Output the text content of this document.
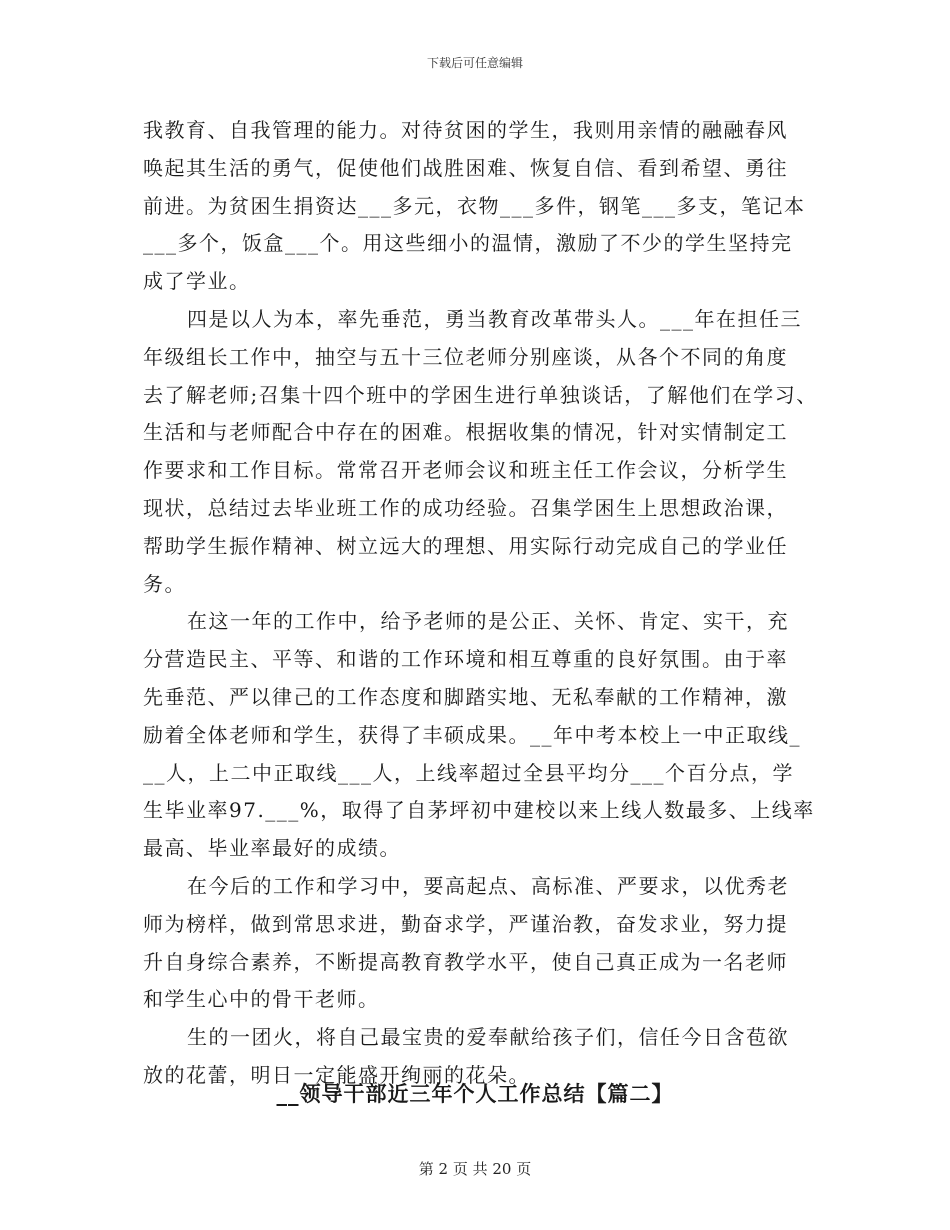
下载后可任意编辑
我教育、自我管理的能力。对待贫困的学生，我则用亲情的融融春风
唤起其生活的勇气，促使他们战胜困难、恢复自信、看到希望、勇往
前进。为贫困生捐资达___多元，衣物___多件，钢笔___多支，笔记本
___多个，饭盒___个。用这些细小的温情，激励了不少的学生坚持完
成了学业。
四是以人为本，率先垂范，勇当教育改革带头人。___年在担任三
年级组长工作中，抽空与五十三位老师分别座谈，从各个不同的角度
去了解老师;召集十四个班中的学困生进行单独谈话，了解他们在学习、
生活和与老师配合中存在的困难。根据收集的情况，针对实情制定工
作要求和工作目标。常常召开老师会议和班主任工作会议，分析学生
现状，总结过去毕业班工作的成功经验。召集学困生上思想政治课，
帮助学生振作精神、树立远大的理想、用实际行动完成自己的学业任
务。
在这一年的工作中，给予老师的是公正、关怀、肯定、实干，充
分营造民主、平等、和谐的工作环境和相互尊重的良好氛围。由于率
先垂范、严以律己的工作态度和脚踏实地、无私奉献的工作精神，激
励着全体老师和学生，获得了丰硕成果。__年中考本校上一中正取线_
__人，上二中正取线___人，上线率超过全县平均分___个百分点，学
生毕业率97.___%，取得了自茅坪初中建校以来上线人数最多、上线率
最高、毕业率最好的成绩。
在今后的工作和学习中，要高起点、高标准、严要求，以优秀老
师为榜样，做到常思求进，勤奋求学，严谨治教，奋发求业，努力提
升自身综合素养，不断提高教育教学水平，使自己真正成为一名老师
和学生心中的骨干老师。
生的一团火，将自己最宝贵的爱奉献给孩子们，信任今日含苞欲
放的花蕾，明日一定能盛开绚丽的花朵。
__领导干部近三年个人工作总结【篇二】
第 2 页 共 20 页
